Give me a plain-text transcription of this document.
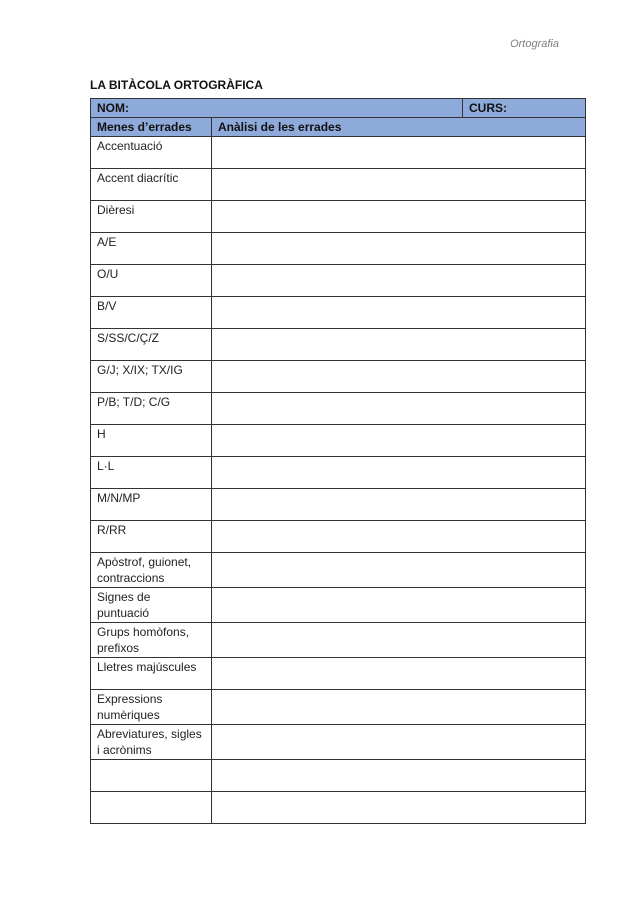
Ortografia
LA BITÀCOLA ORTOGRÀFICA
NOM:		CURS:
Menes d’errades	Anàlisi de les errades	
Accentuació		
Accent diacrític		
Dièresi		
A/E		
O/U		
B/V		
S/SS/C/Ç/Z		
G/J; X/IX; TX/IG		
P/B; T/D; C/G		
H		
L·L		
M/N/MP		
R/RR		
Apòstrof, guionet, contraccions		
Signes de puntuació		
Grups homòfons, prefixos		
Lletres majúscules		
Expressions numèriques		
Abreviatures, sigles i acrònims		
